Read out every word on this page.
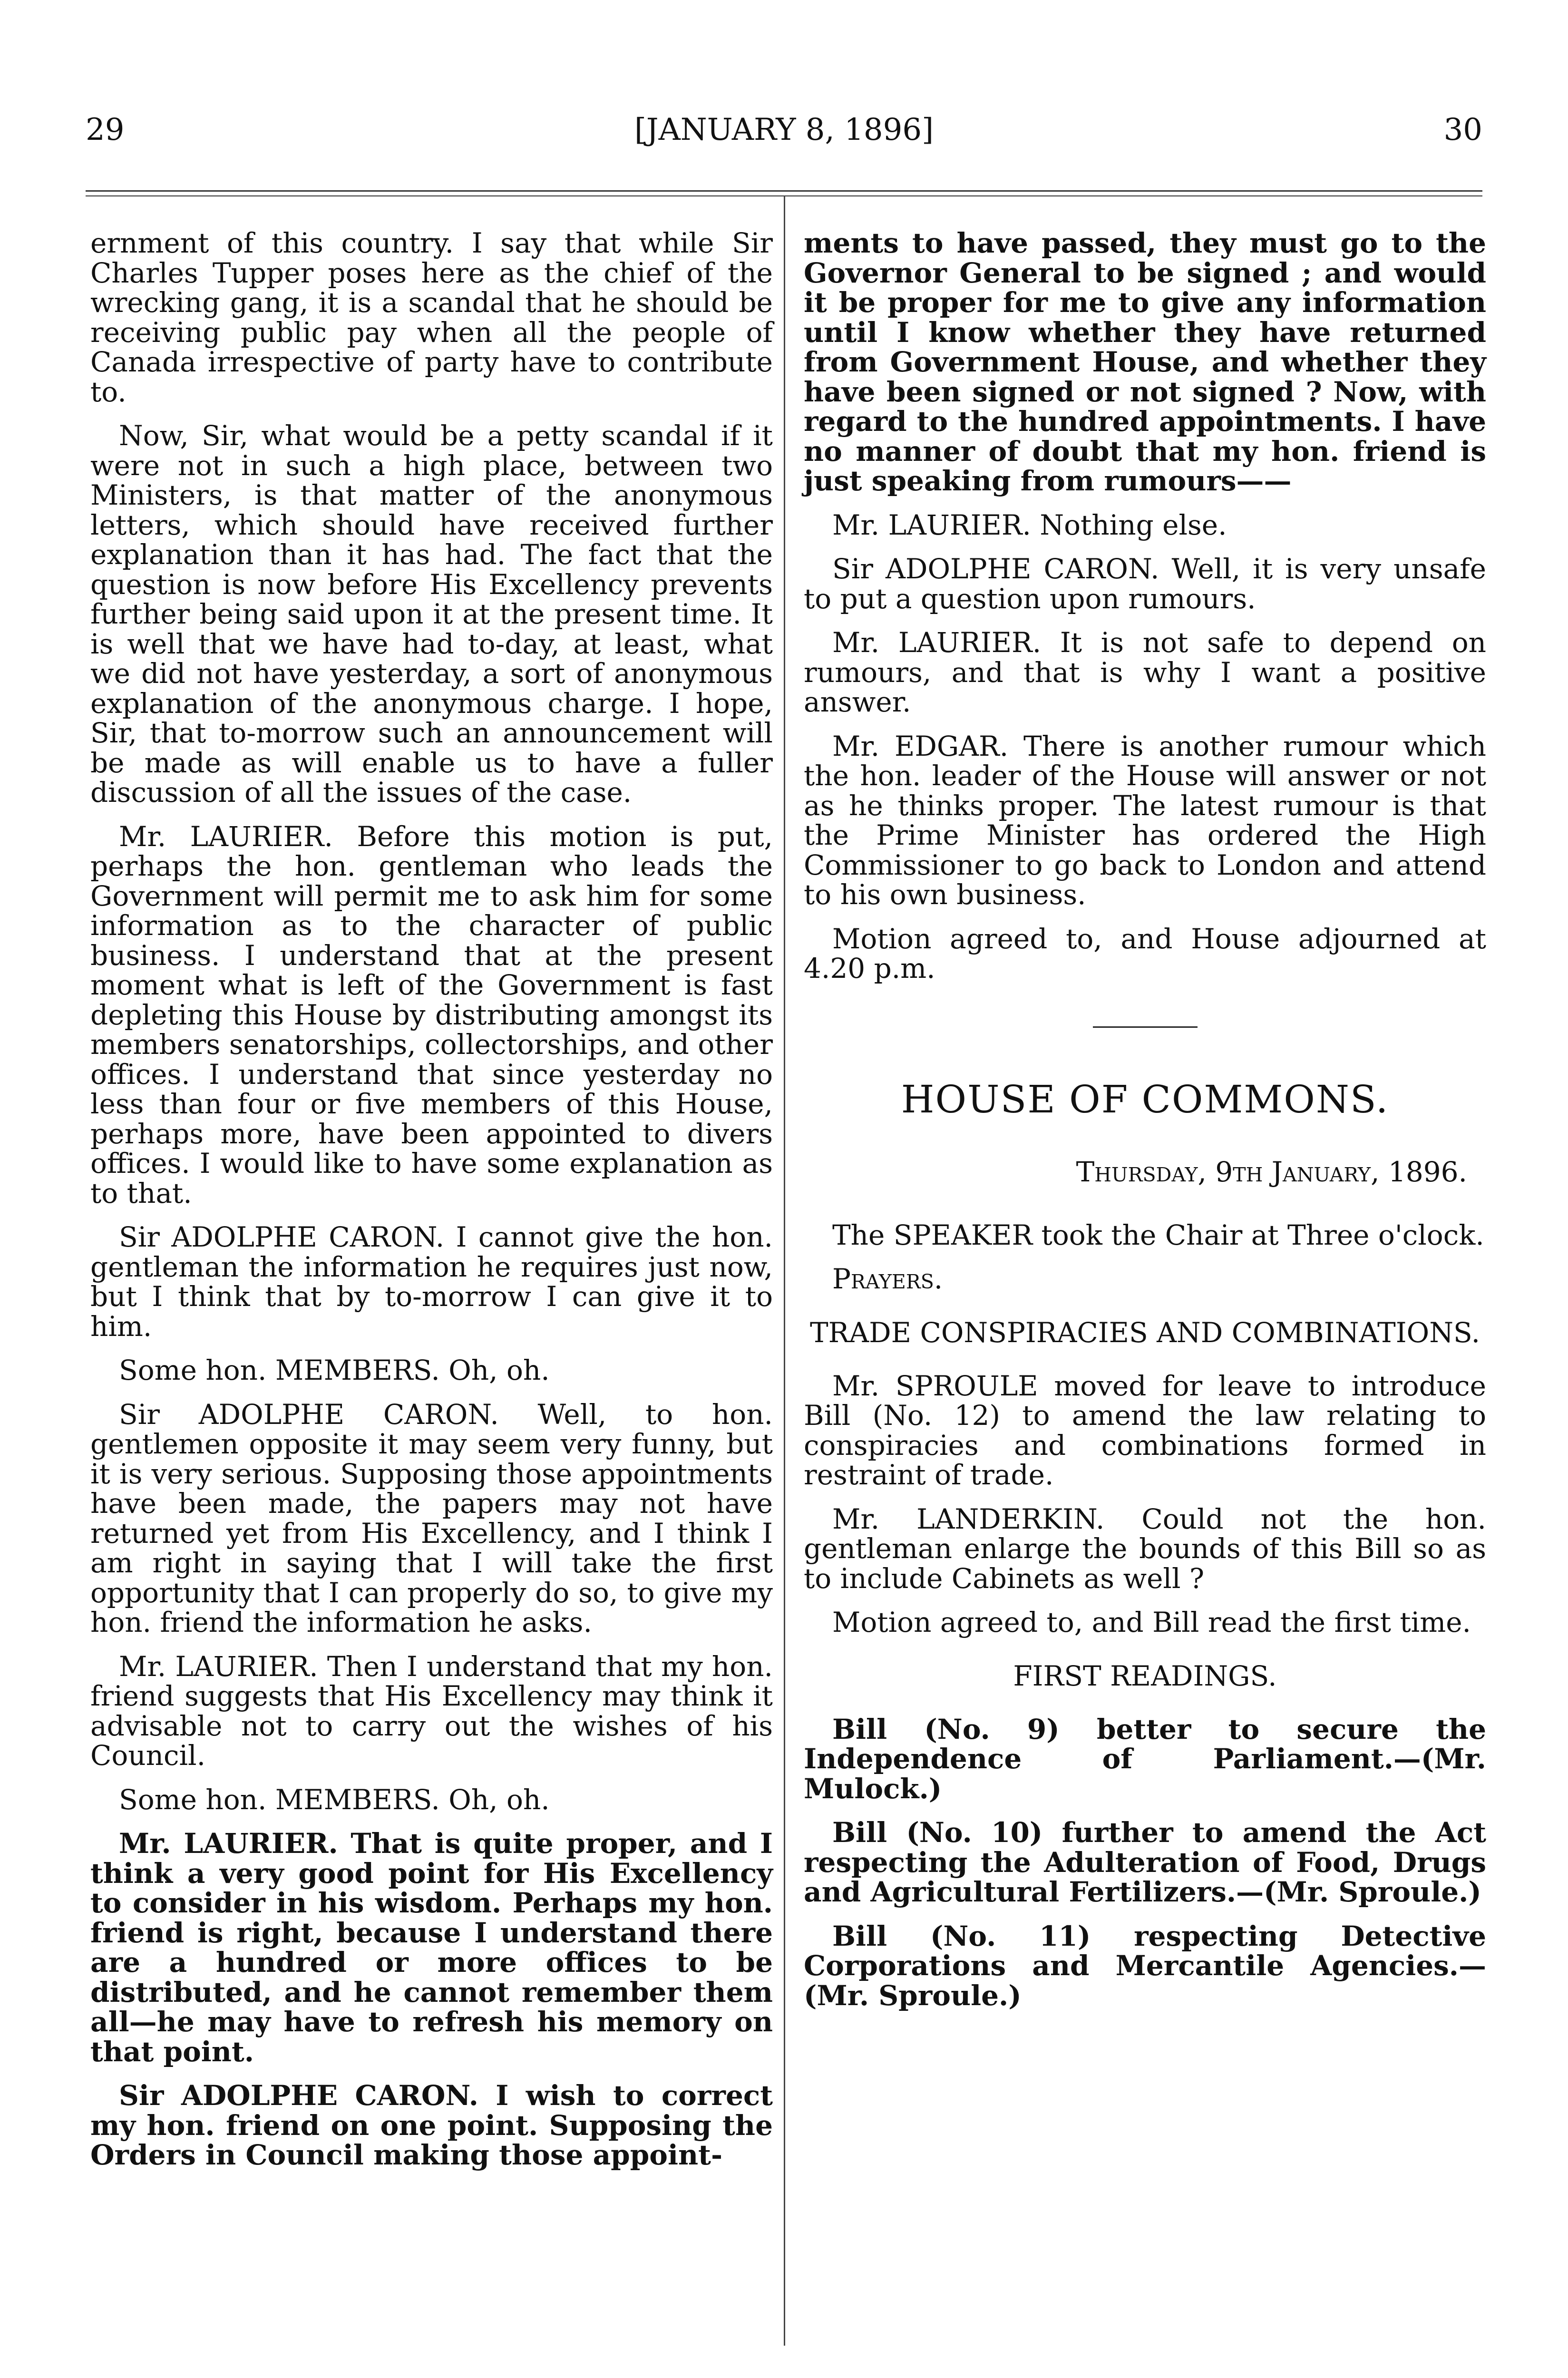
29	[JANUARY 8, 1896]	30

ernment of this country. I say that while Sir Charles Tupper poses here as the chief of the wrecking gang, it is a scandal that he should be receiving public pay when all the people of Canada irrespective of party have to contribute to.

Now, Sir, what would be a petty scandal if it were not in such a high place, between two Ministers, is that matter of the anonymous letters, which should have received further explanation than it has had. The fact that the question is now before His Excellency prevents further being said upon it at the present time. It is well that we have had to-day, at least, what we did not have yesterday, a sort of anonymous explanation of the anonymous charge. I hope, Sir, that to-morrow such an announcement will be made as will enable us to have a fuller discussion of all the issues of the case.

Mr. LAURIER. Before this motion is put, perhaps the hon. gentleman who leads the Government will permit me to ask him for some information as to the character of public business. I understand that at the present moment what is left of the Government is fast depleting this House by distributing amongst its members senatorships, collectorships, and other offices. I understand that since yesterday no less than four or five members of this House, perhaps more, have been appointed to divers offices. I would like to have some explanation as to that.

Sir ADOLPHE CARON. I cannot give the hon. gentleman the information he requires just now, but I think that by to-morrow I can give it to him.

Some hon. MEMBERS. Oh, oh.

Sir ADOLPHE CARON. Well, to hon. gentlemen opposite it may seem very funny, but it is very serious. Supposing those appointments have been made, the papers may not have returned yet from His Excellency, and I think I am right in saying that I will take the first opportunity that I can properly do so, to give my hon. friend the information he asks.

Mr. LAURIER. Then I understand that my hon. friend suggests that His Excellency may think it advisable not to carry out the wishes of his Council.

Some hon. MEMBERS. Oh, oh.

Mr. LAURIER. That is quite proper, and I think a very good point for His Excellency to consider in his wisdom. Perhaps my hon. friend is right, because I understand there are a hundred or more offices to be distributed, and he cannot remember them all—he may have to refresh his memory on that point.

Sir ADOLPHE CARON. I wish to correct my hon. friend on one point. Supposing the Orders in Council making those appoint-

ments to have passed, they must go to the Governor General to be signed ; and would it be proper for me to give any information until I know whether they have returned from Government House, and whether they have been signed or not signed ? Now, with regard to the hundred appointments. I have no manner of doubt that my hon. friend is just speaking from rumours——

Mr. LAURIER. Nothing else.

Sir ADOLPHE CARON. Well, it is very unsafe to put a question upon rumours.

Mr. LAURIER. It is not safe to depend on rumours, and that is why I want a positive answer.

Mr. EDGAR. There is another rumour which the hon. leader of the House will answer or not as he thinks proper. The latest rumour is that the Prime Minister has ordered the High Commissioner to go back to London and attend to his own business.

Motion agreed to, and House adjourned at 4.20 p.m.

HOUSE OF COMMONS.
Thursday, 9th January, 1896.

The SPEAKER took the Chair at Three o'clock.

Prayers.
TRADE CONSPIRACIES AND COMBINATIONS.

Mr. SPROULE moved for leave to introduce Bill (No. 12) to amend the law relating to conspiracies and combinations formed in restraint of trade.

Mr. LANDERKIN. Could not the hon. gentleman enlarge the bounds of this Bill so as to include Cabinets as well ?

Motion agreed to, and Bill read the first time.

FIRST READINGS.

Bill (No. 9) better to secure the Independence of Parliament.—(Mr. Mulock.)

Bill (No. 10) further to amend the Act respecting the Adulteration of Food, Drugs and Agricultural Fertilizers.—(Mr. Sproule.)

Bill (No. 11) respecting Detective Corporations and Mercantile Agencies.—(Mr. Sproule.)
